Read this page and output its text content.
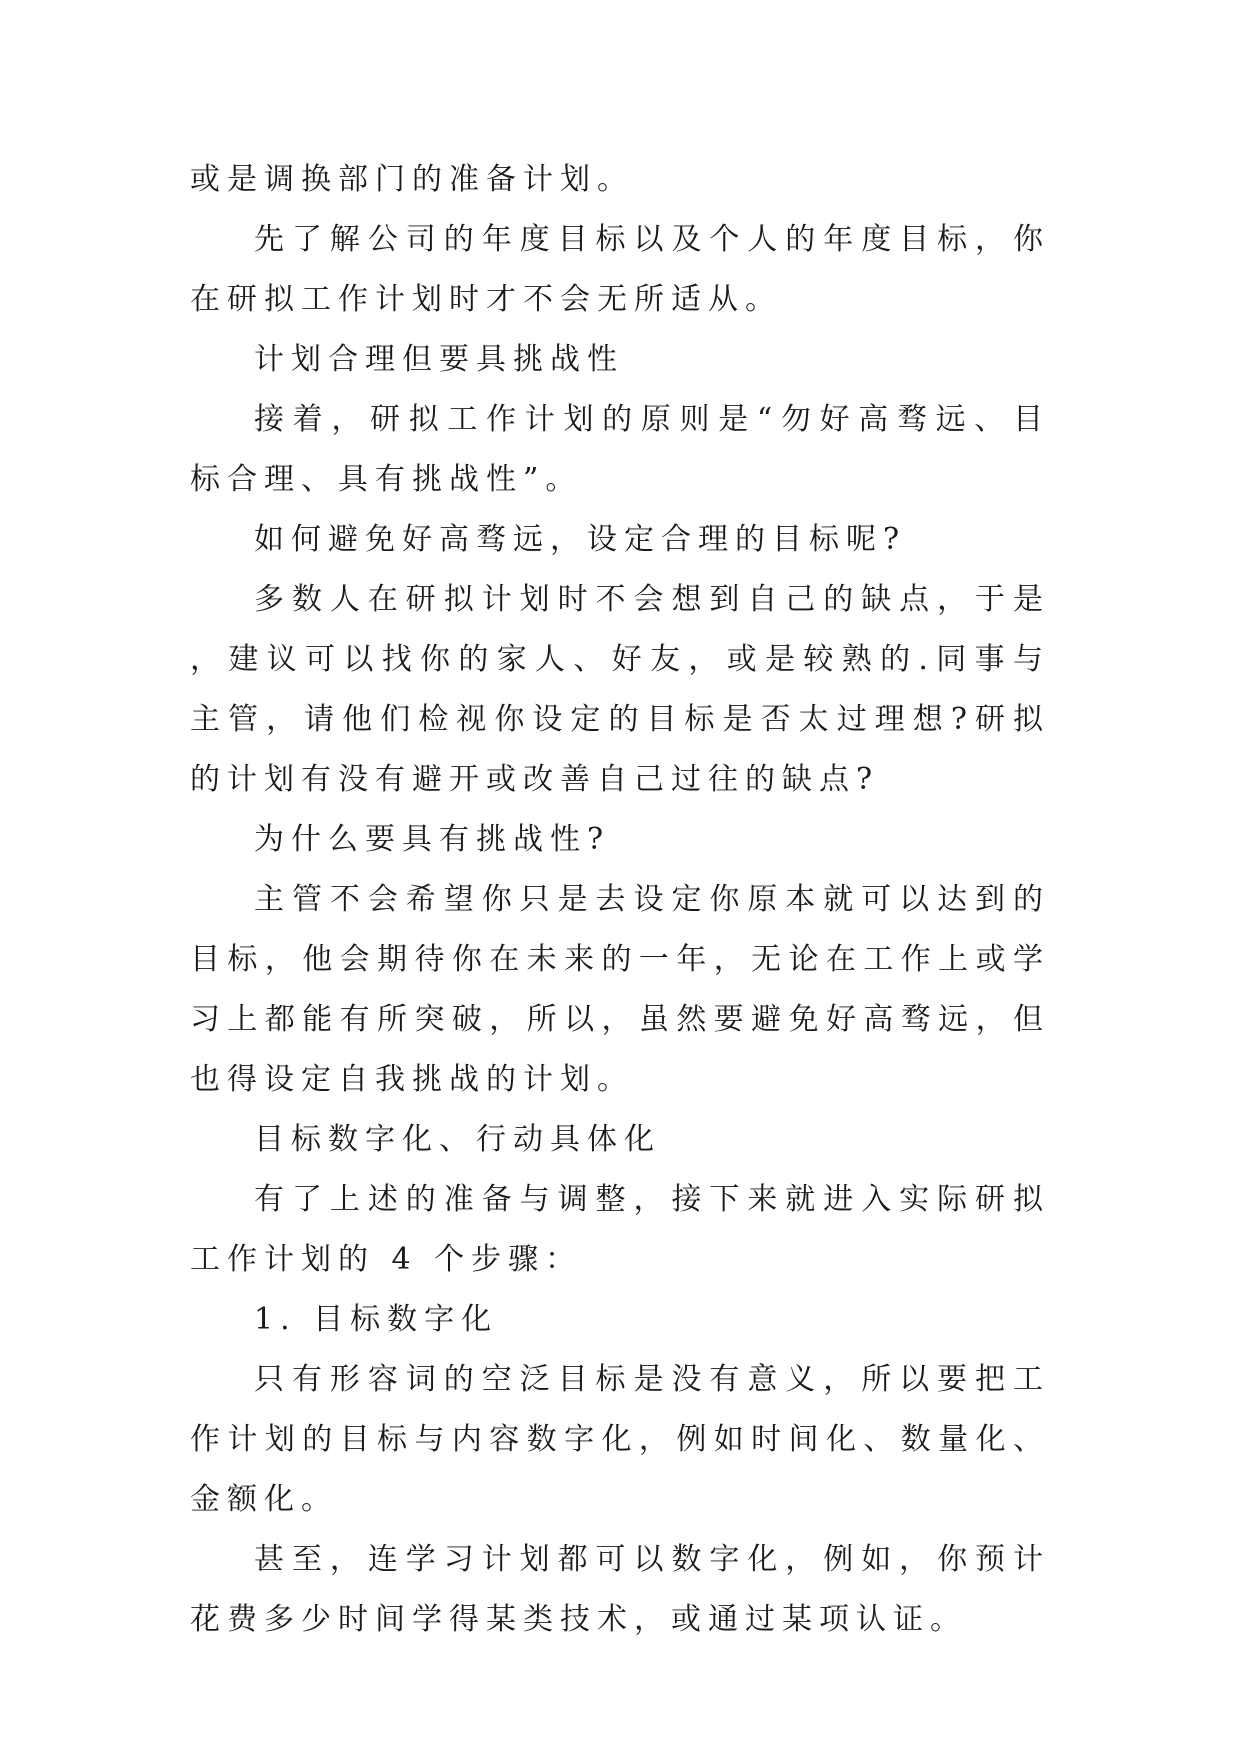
或是调换部门的准备计划。

先了解公司的年度目标以及个人的年度目标，你在研拟工作计划时才不会无所适从。

计划合理但要具挑战性

接着，研拟工作计划的原则是“勿好高骛远、目标合理、具有挑战性”。

如何避免好高骛远，设定合理的目标呢?

多数人在研拟计划时不会想到自己的缺点，于是，建议可以找你的家人、好友，或是较熟的.同事与主管，请他们检视你设定的目标是否太过理想?研拟的计划有没有避开或改善自己过往的缺点?

为什么要具有挑战性?

主管不会希望你只是去设定你原本就可以达到的目标，他会期待你在未来的一年，无论在工作上或学习上都能有所突破，所以，虽然要避免好高骛远，但也得设定自我挑战的计划。

目标数字化、行动具体化

有了上述的准备与调整，接下来就进入实际研拟工作计划的 4 个步骤：

1. 目标数字化

只有形容词的空泛目标是没有意义，所以要把工作计划的目标与内容数字化，例如时间化、数量化、金额化。

甚至，连学习计划都可以数字化，例如，你预计花费多少时间学得某类技术，或通过某项认证。
